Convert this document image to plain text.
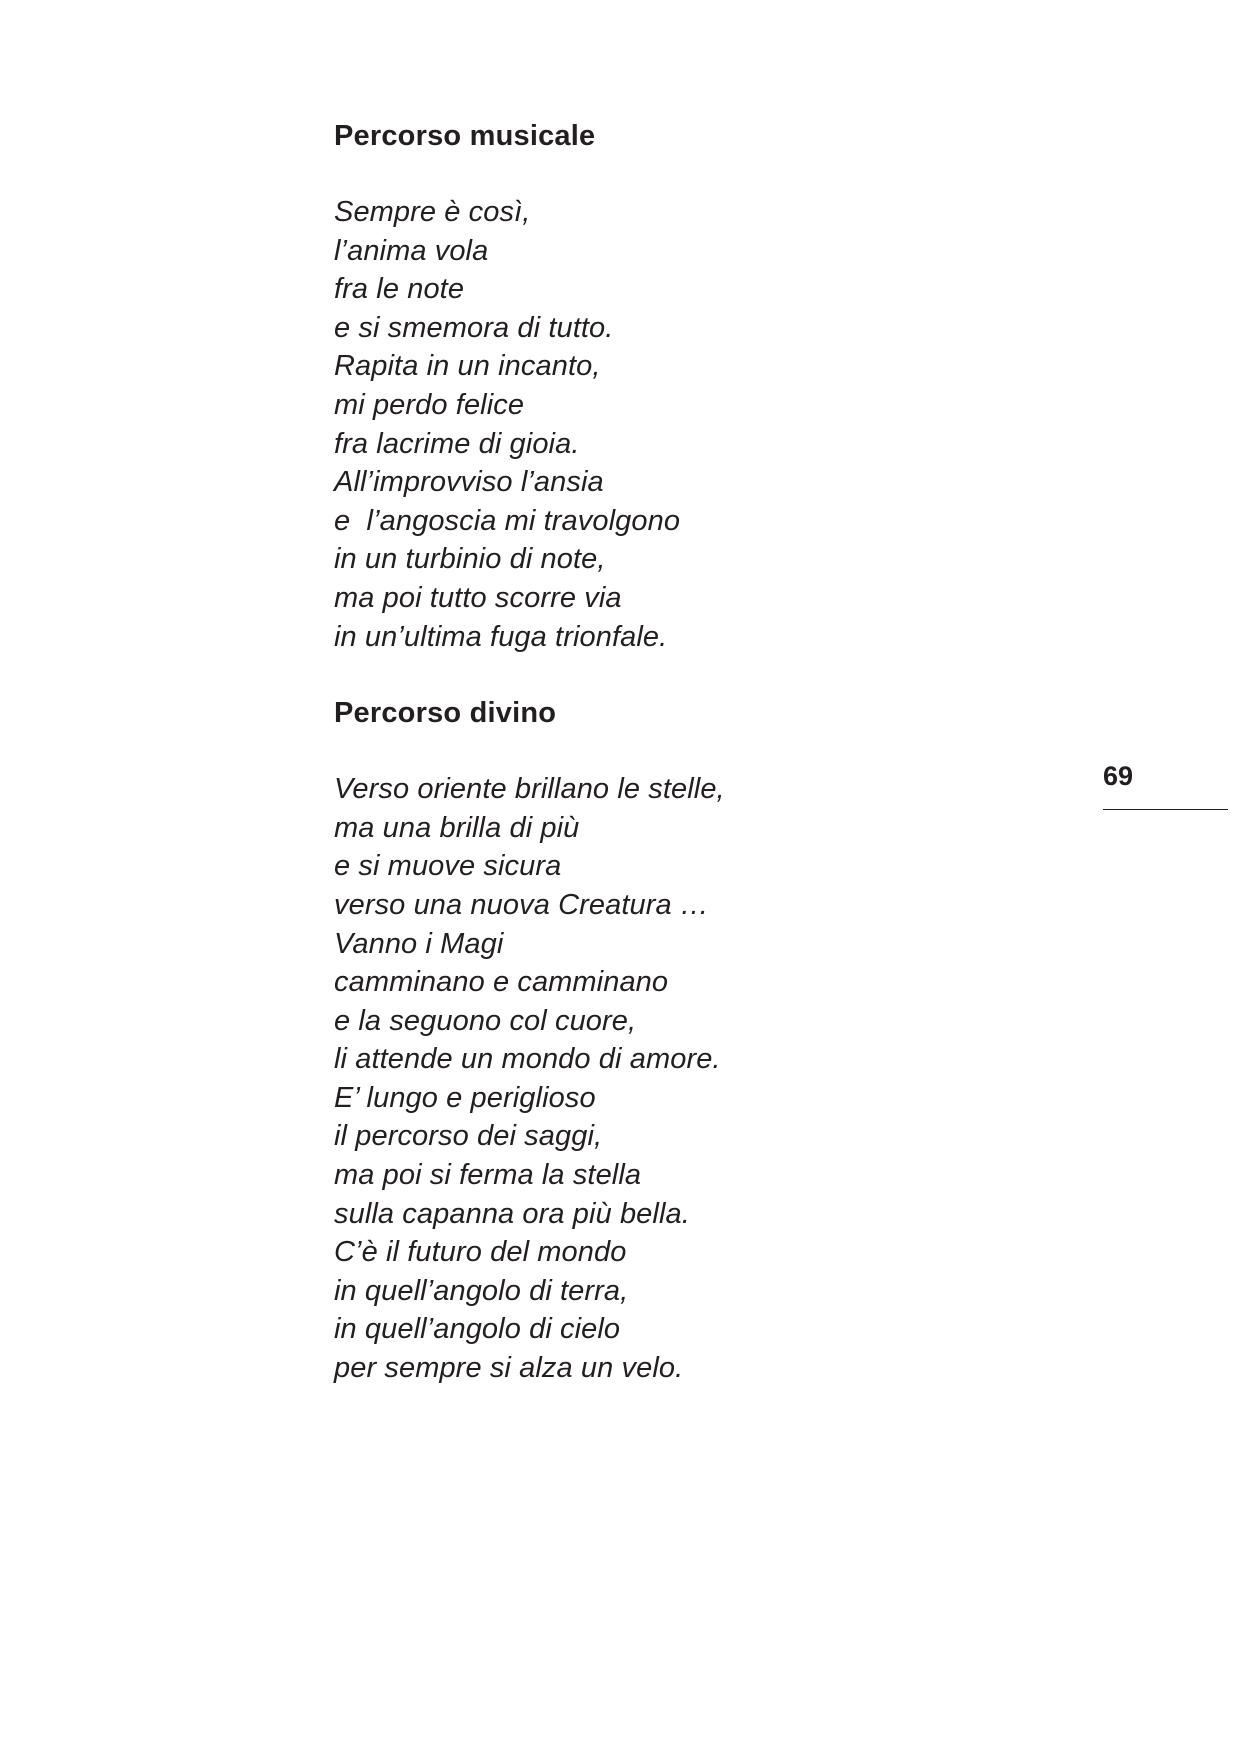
Percorso musicale
Sempre è così,
l’anima vola
fra le note
e si smemora di tutto.
Rapita in un incanto,
mi perdo felice
fra lacrime di gioia.
All’improvviso l’ansia
e  l’angoscia mi travolgono
in un turbinio di note,
ma poi tutto scorre via
in un’ultima fuga trionfale.
Percorso divino
Verso oriente brillano le stelle,
ma una brilla di più
e si muove sicura
verso una nuova Creatura …
Vanno i Magi
camminano e camminano
e la seguono col cuore,
li attende un mondo di amore.
E’ lungo e periglioso
il percorso dei saggi,
ma poi si ferma la stella
sulla capanna ora più bella.
C’è il futuro del mondo
in quell’angolo di terra,
in quell’angolo di cielo
per sempre si alza un velo.
69
